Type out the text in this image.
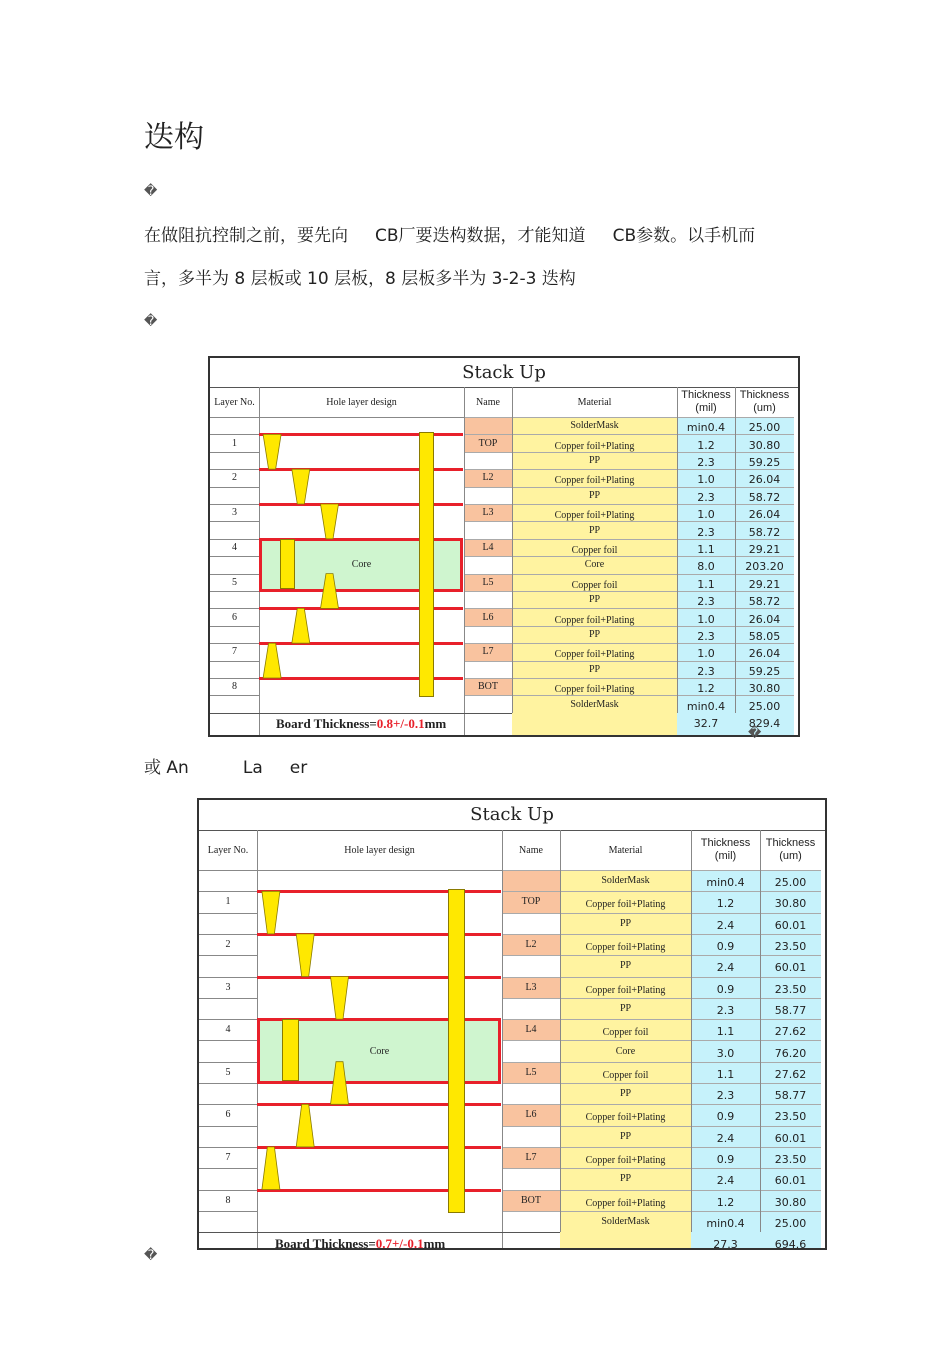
迭构
�
在做阻抗控制之前，要先向     CB厂要迭构数据，才能知道     CB参数。以手机而
言，多半为 8 层板或 10 层板，8 层板多半为 3-2-3 迭构
�
Stack Up
Layer No.	Hole layer design	Name	Material
Thickness
(mil)
Thickness
(um)
SolderMask	min0.4	25.00
1	TOP	Copper foil+Plating	1.2	30.80
PP	2.3	59.25
2	L2	Copper foil+Plating	1.0	26.04
PP	2.3	58.72
3	L3	Copper foil+Plating	1.0	26.04
PP	2.3	58.72
4	L4	Copper foil	1.1	29.21
Core	8.0	203.20
5	L5	Copper foil	1.1	29.21
PP	2.3	58.72
6	L6	Copper foil+Plating	1.0	26.04
PP	2.3	58.05
7	L7	Copper foil+Plating	1.0	26.04
PP	2.3	59.25
8	BOT	Copper foil+Plating	1.2	30.80
SolderMask	min0.4	25.00
Core
Board Thickness=0.8+/-0.1mm	32.7	829.4
�
或 An          La     er
Stack Up
Layer No.	Hole layer design	Name	Material
Thickness
(mil)
Thickness
(um)
SolderMask	min0.4	25.00
1	TOP	Copper foil+Plating	1.2	30.80
PP	2.4	60.01
2	L2	Copper foil+Plating	0.9	23.50
PP	2.4	60.01
3	L3	Copper foil+Plating	0.9	23.50
PP	2.3	58.77
4	L4	Copper foil	1.1	27.62
Core	3.0	76.20
5	L5	Copper foil	1.1	27.62
PP	2.3	58.77
6	L6	Copper foil+Plating	0.9	23.50
PP	2.4	60.01
7	L7	Copper foil+Plating	0.9	23.50
PP	2.4	60.01
8	BOT	Copper foil+Plating	1.2	30.80
SolderMask	min0.4	25.00
Core
Board Thickness=0.7+/-0.1mm	27.3	694.6
�
